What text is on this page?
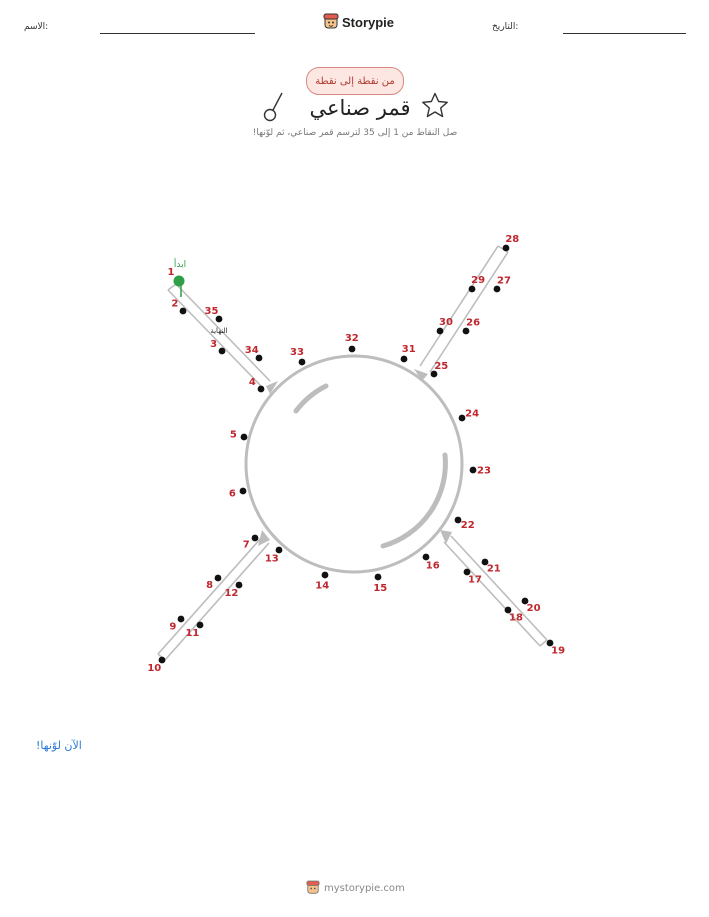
الاسم:	Storypie	التاريخ:
من نقطة إلى نقطة
قمر صناعي
صل النقاط من 1 إلى 35 لترسم قمر صناعي، ثم لوّنها!
1
2
3
4
5
6
7
8
9
10
11
12
13
14	15
16
17
18
19
20
21
22
23
24
25
26
27
28
29
30
31
32
33
34
35
ابدأ
النهاية
الآن لوّنها!
mystorypie.com
